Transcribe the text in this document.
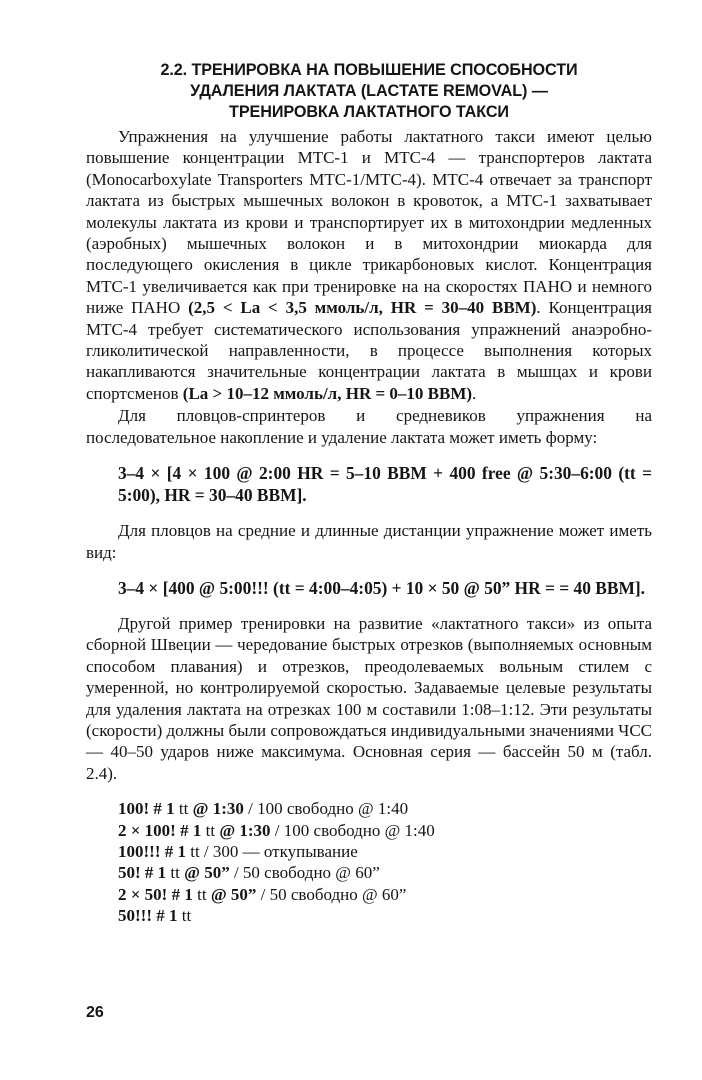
2.2. ТРЕНИРОВКА НА ПОВЫШЕНИЕ СПОСОБНОСТИ
УДАЛЕНИЯ ЛАКТАТА (LACTATE REMOVAL) —
ТРЕНИРОВКА ЛАКТАТНОГО ТАКСИ

Упражнения на улучшение работы лактатного такси имеют целью повышение концентрации МТС-1 и МТС-4 — транспортеров лактата (Monocarboxylate Transporters МТС-1/МТС-4). МТС-4 отвечает за транспорт лактата из быстрых мышечных волокон в кровоток, а МТС-1 захватывает молекулы лактата из крови и транспортирует их в митохондрии медленных (аэробных) мышечных волокон и в митохондрии миокарда для последующего окисления в цикле трикарбоновых кислот. Концентрация МТС-1 увеличивается как при тренировке на на скоростях ПАНО и немного ниже ПАНО (2,5 < La < 3,5 ммоль/л, HR = 30–40 BBM). Концентрация МТС-4 требует систематического использования упражнений анаэробно-гликолитической направленности, в процессе выполнения которых накапливаются значительные концентрации лактата в мышцах и крови спортсменов (La > 10–12 ммоль/л, HR = 0–10 BBM).

Для пловцов-спринтеров и средневиков упражнения на последовательное накопление и удаление лактата может иметь форму:

3–4 × [4 × 100 @ 2:00 HR = 5–10 BBM + 400 free @ 5:30–6:00 (tt = 5:00), HR = 30–40 BBM].

Для пловцов на средние и длинные дистанции упражнение может иметь вид:

3–4 × [400 @ 5:00!!! (tt = 4:00–4:05) + 10 × 50 @ 50” HR = = 40 BBM].

Другой пример тренировки на развитие «лактатного такси» из опыта сборной Швеции — чередование быстрых отрезков (выполняемых основным способом плавания) и отрезков, преодолеваемых вольным стилем с умеренной, но контролируемой скоростью. Задаваемые целевые результаты для удаления лактата на отрезках 100 м составили 1:08–1:12. Эти результаты (скорости) должны были сопровождаться индивидуальными значениями ЧСС — 40–50 ударов ниже максимума. Основная серия — бассейн 50 м (табл. 2.4).

100! # 1 tt @ 1:30 / 100 свободно @ 1:40
2 × 100! # 1 tt @ 1:30 / 100 свободно @ 1:40
100!!! # 1 tt / 300 — откупывание
50! # 1 tt @ 50” / 50 свободно @ 60”
2 × 50! # 1 tt @ 50” / 50 свободно @ 60”
50!!! # 1 tt
26
